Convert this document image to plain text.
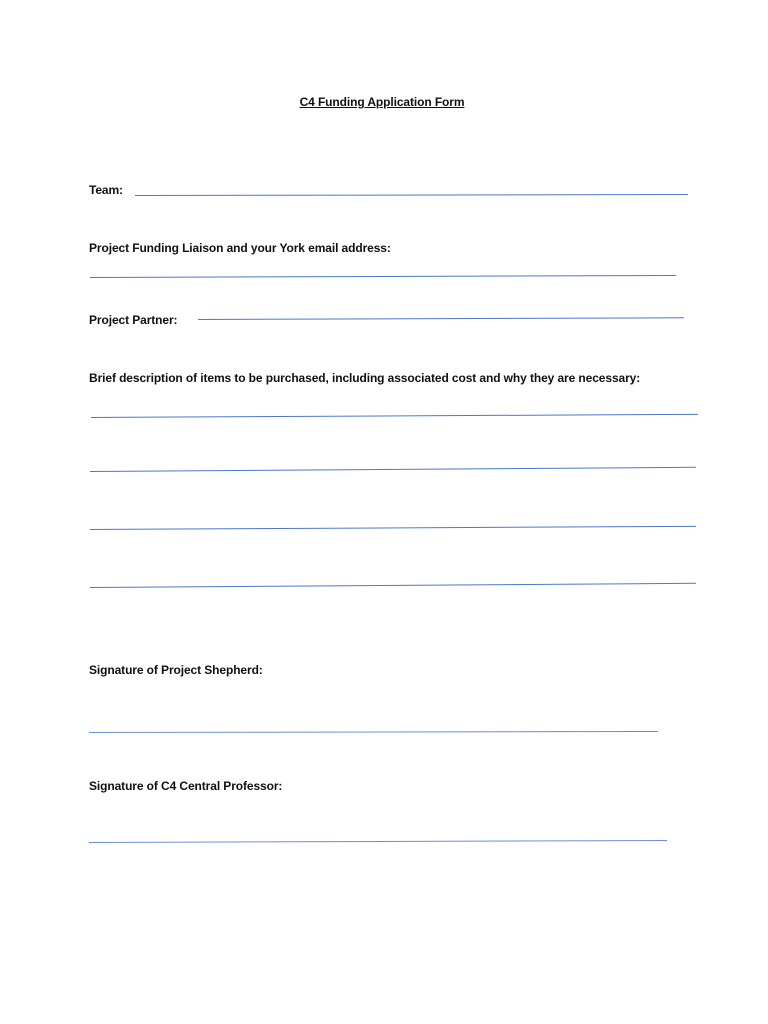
C4 Funding Application Form
Team:
Project Funding Liaison and your York email address:
Project Partner:
Brief description of items to be purchased, including associated cost and why they are necessary:
Signature of Project Shepherd:
Signature of C4 Central Professor:
